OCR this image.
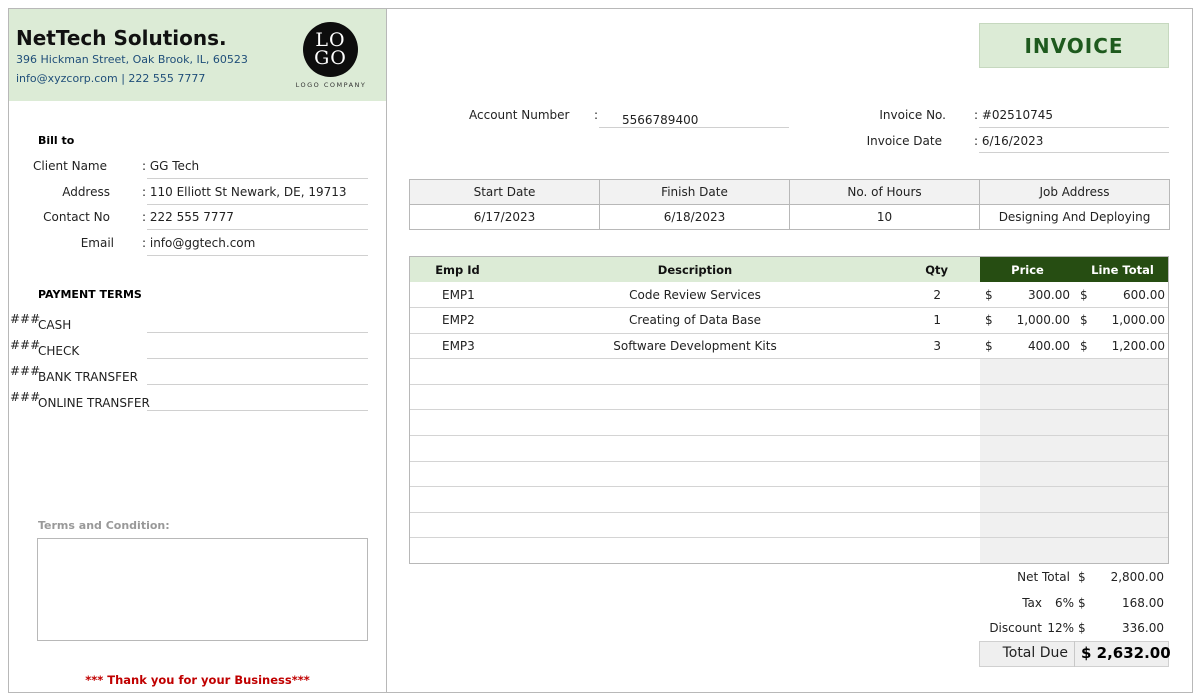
NetTech Solutions.
396 Hickman Street, Oak Brook, IL, 60523
info@xyzcorp.com | 222 555 7777
LO
GO
LOGO COMPANY
INVOICE
Account Number : 5566789400	Invoice No. : #02510745
Invoice Date	: 6/16/2023
Bill to
Client Name	: GG Tech
Address	: 110 Elliott St Newark, DE, 19713
Contact No	: 222 555 7777
Email : info@ggtech.com
PAYMENT TERMS
###
CASH
###
CHECK
###
BANK TRANSFER
###
ONLINE TRANSFER
Terms and Condition:
*** Thank you for your Business***
Start Date	Finish Date	No. of Hours	Job Address
6/17/2023	6/18/2023	10	Designing And Deploying
Emp Id	Description	Qty	Price	Line Total
EMP1	Code Review Services	2	$ 300.00	$ 600.00

EMP2	Creating of Data Base	1	$ 1,000.00	$ 1,000.00

EMP3	Software Development Kits	3	$ 400.00	$ 1,200.00

Net Total $	2,800.00
Tax	6% $	168.00
Discount 12% $	336.00
Total Due $ 2,632.00
